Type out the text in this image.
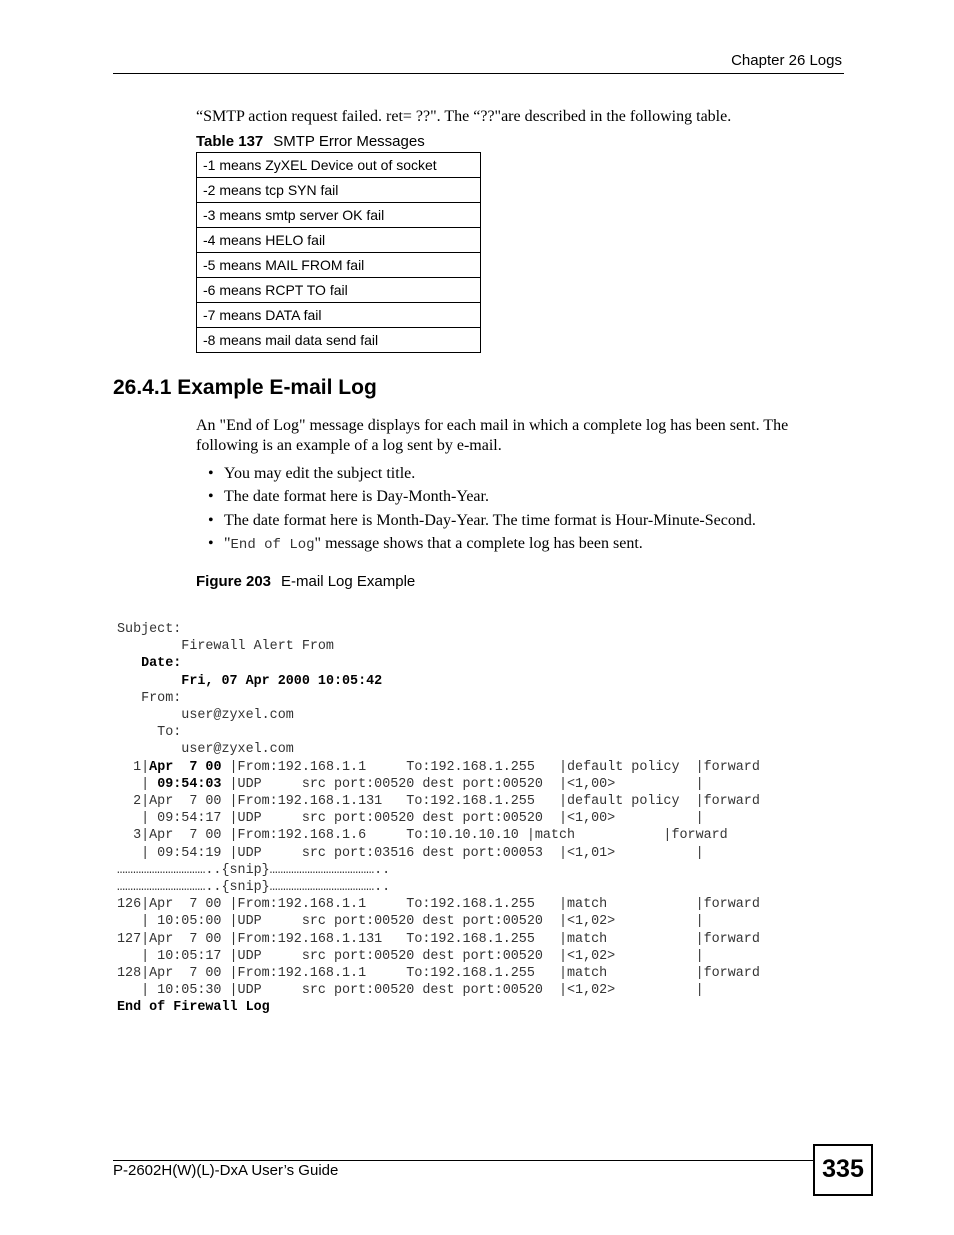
Chapter 26 Logs
“SMTP action request failed. ret= ??". The “??"are described in the following table.
Table 137 SMTP Error Messages
-1 means ZyXEL Device out of socket
-2 means tcp SYN fail
-3 means smtp server OK fail
-4 means HELO fail
-5 means MAIL FROM fail
-6 means RCPT TO fail
-7 means DATA fail
-8 means mail data send fail
26.4.1 Example E-mail Log
An "End of Log" message displays for each mail in which a complete log has been sent. The following is an example of a log sent by e-mail.
• You may edit the subject title.
• The date format here is Day-Month-Year.
• The date format here is Month-Day-Year. The time format is Hour-Minute-Second.
• "End of Log" message shows that a complete log has been sent.
Figure 203 E-mail Log Example
Subject:
Firewall Alert From
Date:
Fri, 07 Apr 2000 10:05:42
From:
user@zyxel.com
To:
user@zyxel.com
1|Apr  7 00 |From:192.168.1.1     To:192.168.1.255   |default policy  |forward
| 09:54:03 |UDP     src port:00520 dest port:00520  |<1,00>          |
2|Apr  7 00 |From:192.168.1.131   To:192.168.1.255   |default policy  |forward
| 09:54:17 |UDP     src port:00520 dest port:00520  |<1,00>          |
3|Apr  7 00 |From:192.168.1.6     To:10.10.10.10 |match           |forward
| 09:54:19 |UDP     src port:03516 dest port:00053  |<1,01>          |
……………………………..{snip}…………………………………..
……………………………..{snip}…………………………………..
126|Apr  7 00 |From:192.168.1.1     To:192.168.1.255   |match           |forward
| 10:05:00 |UDP     src port:00520 dest port:00520  |<1,02>          |
127|Apr  7 00 |From:192.168.1.131   To:192.168.1.255   |match           |forward
| 10:05:17 |UDP     src port:00520 dest port:00520  |<1,02>          |
128|Apr  7 00 |From:192.168.1.1     To:192.168.1.255   |match           |forward
| 10:05:30 |UDP     src port:00520 dest port:00520  |<1,02>          |
End of Firewall Log
P-2602H(W)(L)-DxA User’s Guide	335
